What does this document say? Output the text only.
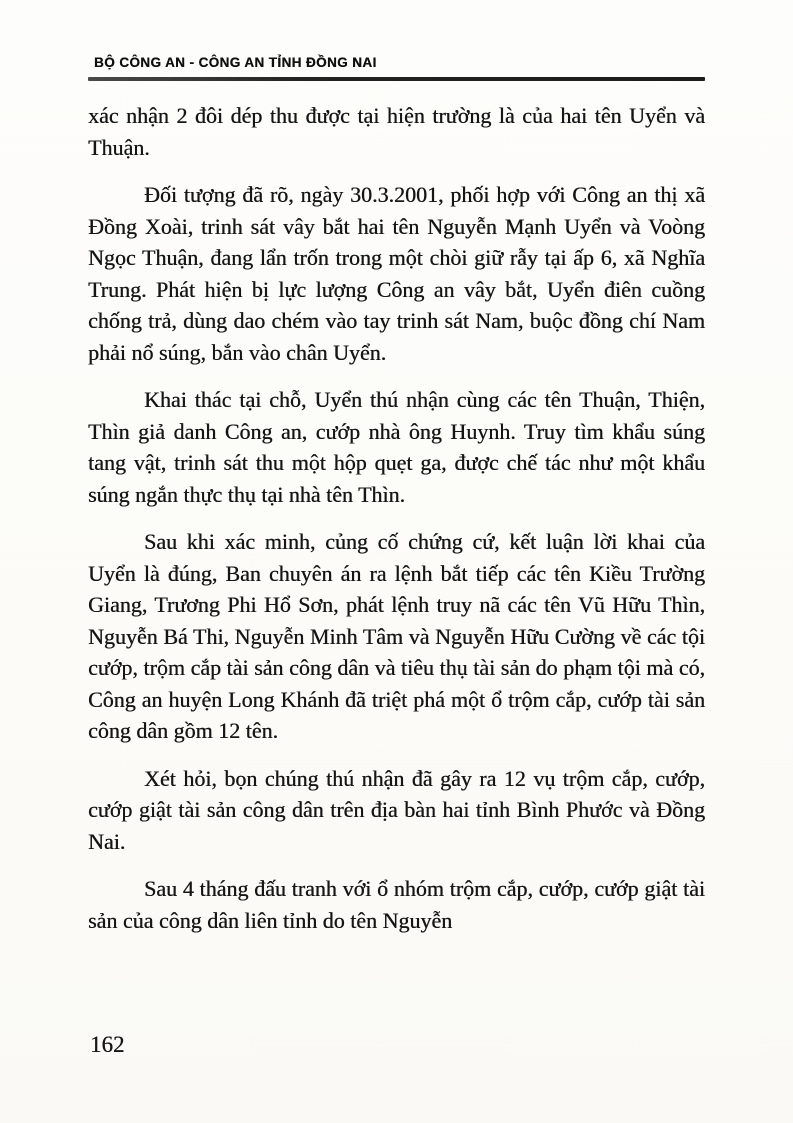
BỘ CÔNG AN - CÔNG AN TỈNH ĐỒNG NAI

xác nhận 2 đôi dép thu được tại hiện trường là của hai tên Uyển và Thuận.

Đối tượng đã rõ, ngày 30.3.2001, phối hợp với Công an thị xã Đồng Xoài, trinh sát vây bắt hai tên Nguyễn Mạnh Uyển và Voòng Ngọc Thuận, đang lẩn trốn trong một chòi giữ rẫy tại ấp 6, xã Nghĩa Trung. Phát hiện bị lực lượng Công an vây bắt, Uyển điên cuồng chống trả, dùng dao chém vào tay trinh sát Nam, buộc đồng chí Nam phải nổ súng, bắn vào chân Uyển.

Khai thác tại chỗ, Uyển thú nhận cùng các tên Thuận, Thiện, Thìn giả danh Công an, cướp nhà ông Huynh. Truy tìm khẩu súng tang vật, trinh sát thu một hộp quẹt ga, được chế tác như một khẩu súng ngắn thực thụ tại nhà tên Thìn.

Sau khi xác minh, củng cố chứng cứ, kết luận lời khai của Uyển là đúng, Ban chuyên án ra lệnh bắt tiếp các tên Kiều Trường Giang, Trương Phi Hổ Sơn, phát lệnh truy nã các tên Vũ Hữu Thìn, Nguyễn Bá Thi, Nguyễn Minh Tâm và Nguyễn Hữu Cường về các tội cướp, trộm cắp tài sản công dân và tiêu thụ tài sản do phạm tội mà có, Công an huyện Long Khánh đã triệt phá một ổ trộm cắp, cướp tài sản công dân gồm 12 tên.

Xét hỏi, bọn chúng thú nhận đã gây ra 12 vụ trộm cắp, cướp, cướp giật tài sản công dân trên địa bàn hai tỉnh Bình Phước và Đồng Nai.

Sau 4 tháng đấu tranh với ổ nhóm trộm cắp, cướp, cướp giật tài sản của công dân liên tỉnh do tên Nguyễn

162
